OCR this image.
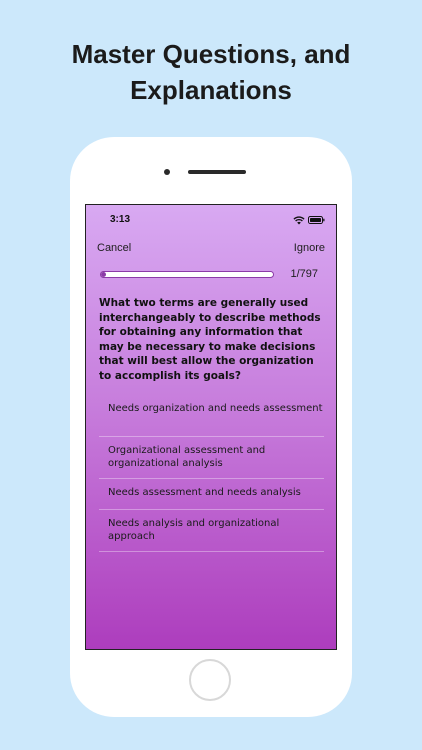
Master Questions, and
Explanations
3:13
Cancel	Ignore
1/797

What two terms are generally used interchangeably to describe methods for obtaining any information that may be necessary to make decisions that will best allow the organization to accomplish its goals?

Needs organization and needs assessment
Organizational assessment and organizational analysis
Needs assessment and needs analysis
Needs analysis and organizational approach
